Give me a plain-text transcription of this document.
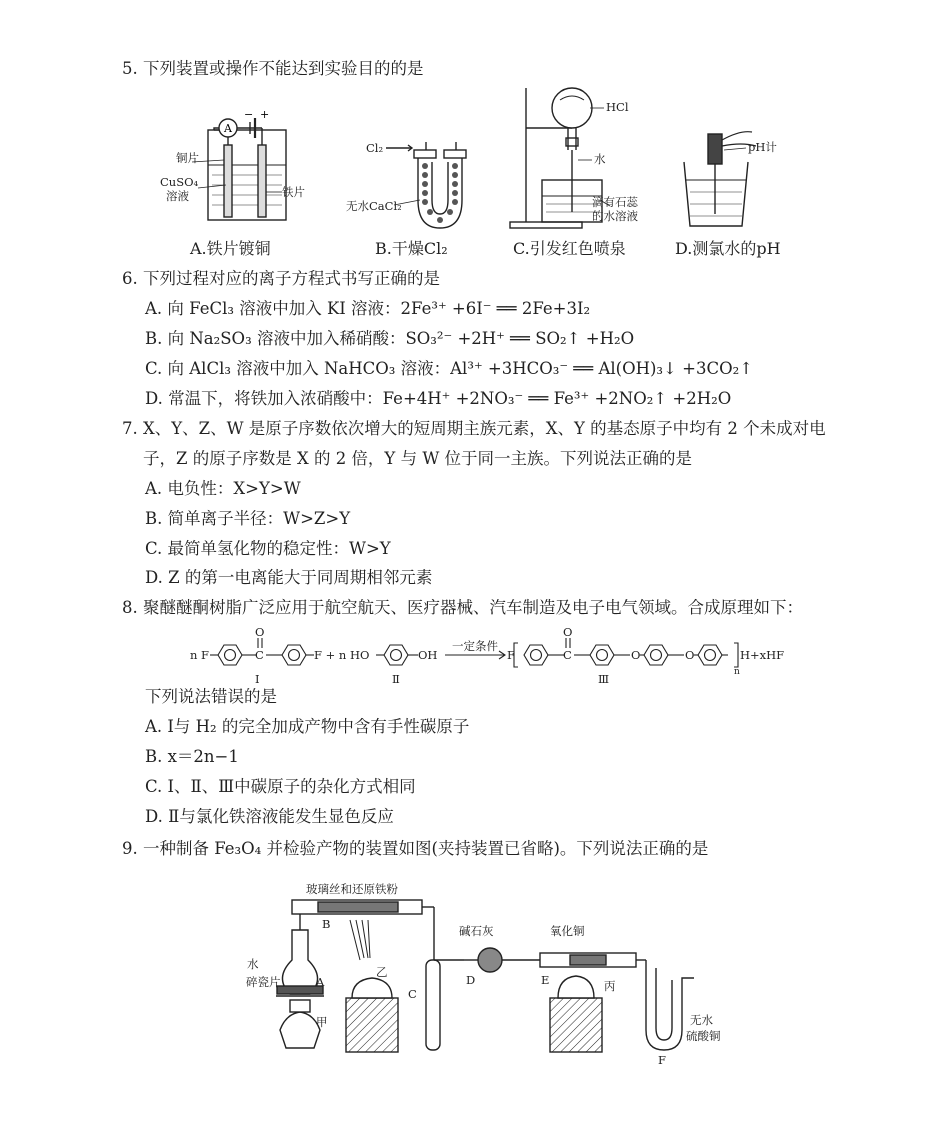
5. 下列装置或操作不能达到实验目的的是
A
− +
铜片
CuSO₄
溶液	铁片
Cl₂
无水CaCl₂
HCl
水
滴有石蕊
的水溶液
pH计
A.铁片镀铜	B.干燥Cl₂	C.引发红色喷泉	D.测氯水的pH
6. 下列过程对应的离子方程式书写正确的是
A. 向 FeCl₃ 溶液中加入 KI 溶液：2Fe³⁺ +6I⁻ ══ 2Fe+3I₂
B. 向 Na₂SO₃ 溶液中加入稀硝酸：SO₃²⁻ +2H⁺ ══ SO₂↑ +H₂O
C. 向 AlCl₃ 溶液中加入 NaHCO₃ 溶液：Al³⁺ +3HCO₃⁻ ══ Al(OH)₃↓ +3CO₂↑
D. 常温下，将铁加入浓硝酸中：Fe+4H⁺ +2NO₃⁻ ══ Fe³⁺ +2NO₂↑ +2H₂O
7. X、Y、Z、W 是原子序数依次增大的短周期主族元素，X、Y 的基态原子中均有 2 个未成对电
子，Z 的原子序数是 X 的 2 倍，Y 与 W 位于同一主族。下列说法正确的是
A. 电负性：X>Y>W
B. 简单离子半径：W>Z>Y
C. 最简单氢化物的稳定性：W>Y
D. Z 的第一电离能大于同周期相邻元素
8. 聚醚醚酮树脂广泛应用于航空航天、医疗器械、汽车制造及电子电气领域。合成原理如下：
n F	C
O
F + n HO	OH
一定条件
F	C
O
O	O	H+xHF
n
Ⅰ	Ⅱ	Ⅲ
下列说法错误的是
A. Ⅰ与 H₂ 的完全加成产物中含有手性碳原子
B. x＝2n−1
C. Ⅰ、Ⅱ、Ⅲ中碳原子的杂化方式相同
D. Ⅱ与氯化铁溶液能发生显色反应
9. 一种制备 Fe₃O₄ 并检验产物的装置如图(夹持装置已省略)。下列说法正确的是
玻璃丝和还原铁粉
B
水
碎瓷片	A
甲
乙
C
碱石灰
D
氧化铜
E	丙
无水
硫酸铜
F
